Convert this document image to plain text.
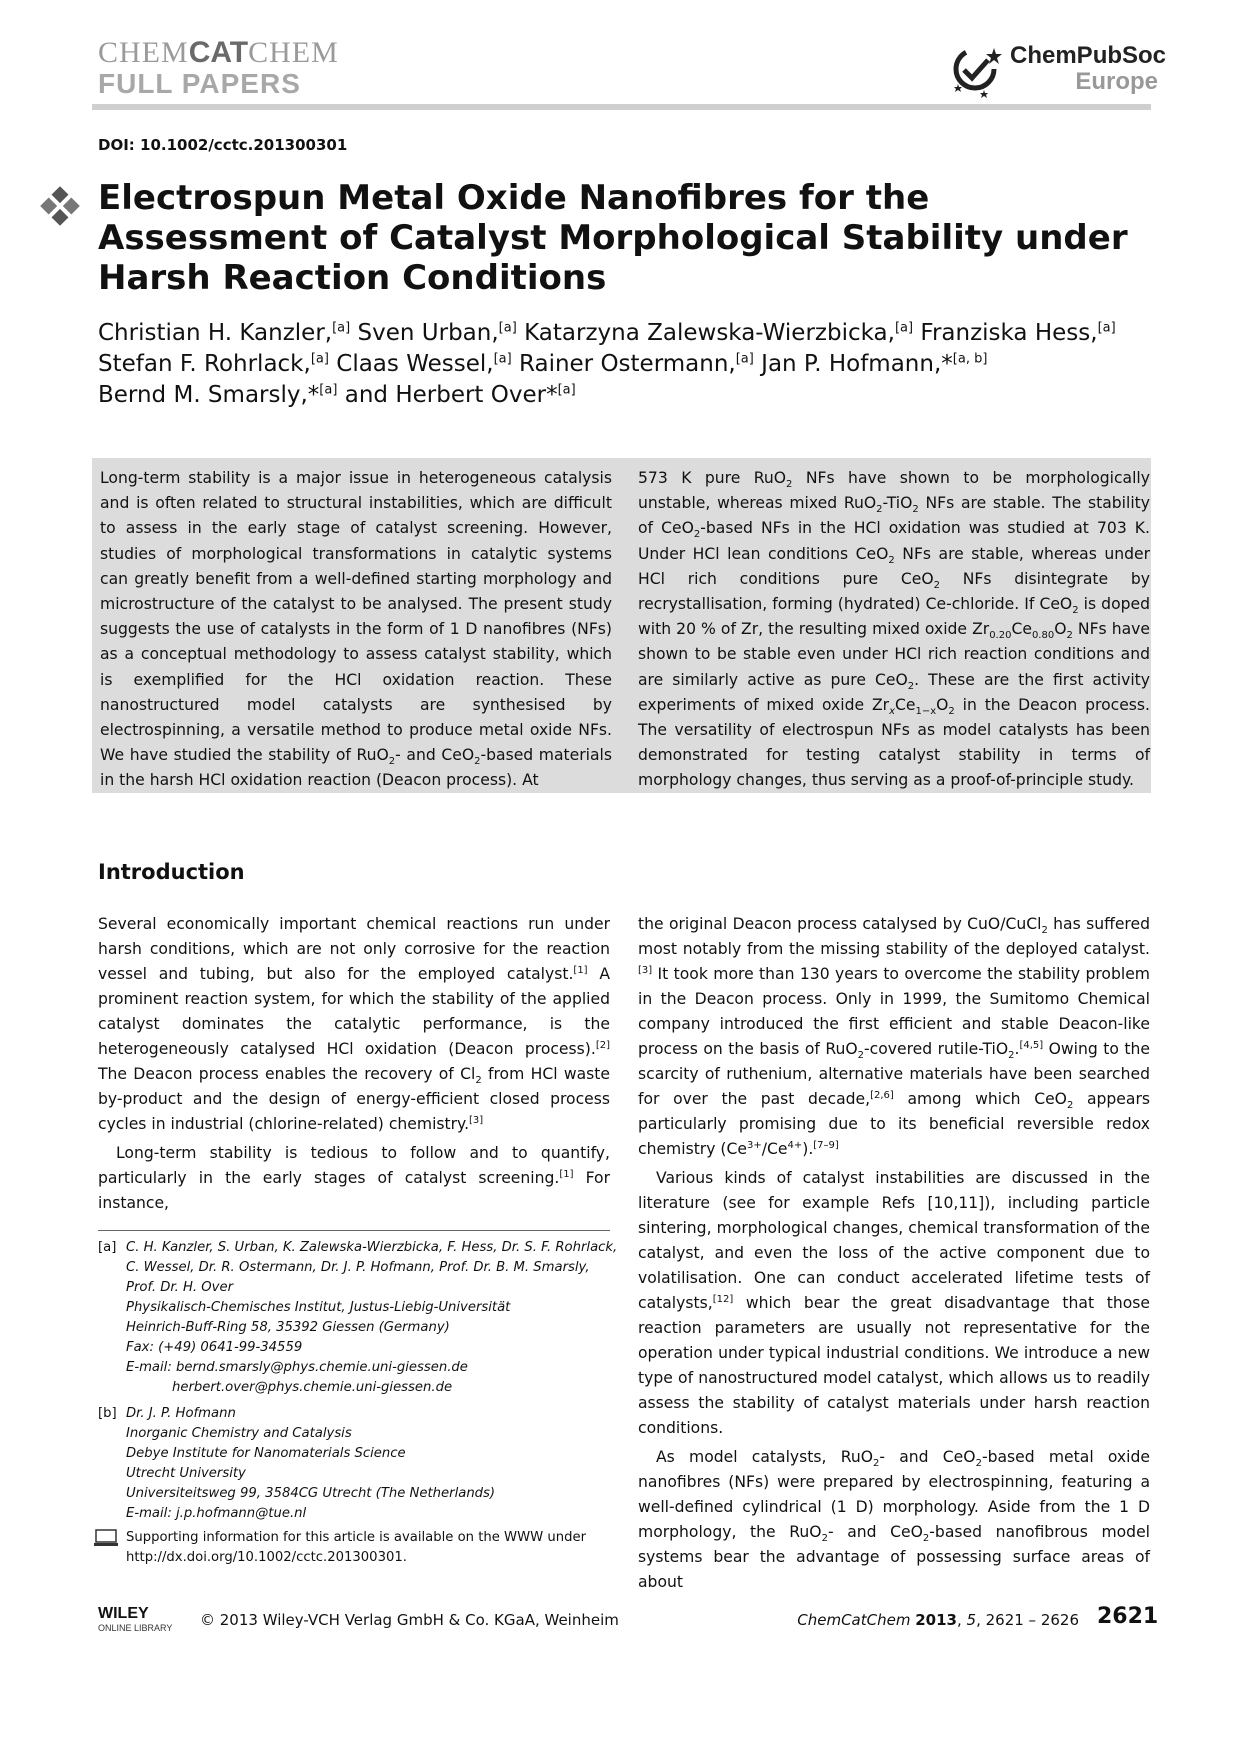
CHEMCATCHEM
FULL PAPERS
ChemPubSoc
Europe
DOI: 10.1002/cctc.201300301
Electrospun Metal Oxide Nanofibres for the Assessment of Catalyst Morphological Stability under Harsh Reaction Conditions
Christian H. Kanzler,[a] Sven Urban,[a] Katarzyna Zalewska-Wierzbicka,[a] Franziska Hess,[a]
Stefan F. Rohrlack,[a] Claas Wessel,[a] Rainer Ostermann,[a] Jan P. Hofmann,*[a, b]
Bernd M. Smarsly,*[a] and Herbert Over*[a]
Long-term stability is a major issue in heterogeneous catalysis and is often related to structural instabilities, which are difficult to assess in the early stage of catalyst screening. However, studies of morphological transformations in catalytic systems can greatly benefit from a well-defined starting morphology and microstructure of the catalyst to be analysed. The present study suggests the use of catalysts in the form of 1 D nanofibres (NFs) as a conceptual methodology to assess catalyst stability, which is exemplified for the HCl oxidation reaction. These nanostructured model catalysts are synthesised by electrospinning, a versatile method to produce metal oxide NFs. We have studied the stability of RuO$_2$- and CeO$_2$-based materials in the harsh HCl oxidation reaction (Deacon process). At
573 K pure RuO$_2$ NFs have shown to be morphologically unstable, whereas mixed RuO$_2$-TiO$_2$ NFs are stable. The stability of CeO$_2$-based NFs in the HCl oxidation was studied at 703 K. Under HCl lean conditions CeO$_2$ NFs are stable, whereas under HCl rich conditions pure CeO$_2$ NFs disintegrate by recrystallisation, forming (hydrated) Ce-chloride. If CeO$_2$ is doped with 20 % of Zr, the resulting mixed oxide $Zr_{0.20}Ce_{0.80}O_2$ NFs have shown to be stable even under HCl rich reaction conditions and are similarly active as pure CeO$_2$. These are the first activity experiments of mixed oxide $Zr_xCe_{1-x}O_2$ in the Deacon process. The versatility of electrospun NFs as model catalysts has been demonstrated for testing catalyst stability in terms of morphology changes, thus serving as a proof-of-principle study.
Introduction

Several economically important chemical reactions run under harsh conditions, which are not only corrosive for the reaction vessel and tubing, but also for the employed catalyst.[1] A prominent reaction system, for which the stability of the applied catalyst dominates the catalytic performance, is the heterogeneously catalysed HCl oxidation (Deacon process).[2] The Deacon process enables the recovery of $Cl_2$ from HCl waste by-product and the design of energy-efficient closed process cycles in industrial (chlorine-related) chemistry.[3]

Long-term stability is tedious to follow and to quantify, particularly in the early stages of catalyst screening.[1] For instance,

the original Deacon process catalysed by CuO/CuCl$_2$ has suffered most notably from the missing stability of the deployed catalyst.[3] It took more than 130 years to overcome the stability problem in the Deacon process. Only in 1999, the Sumitomo Chemical company introduced the first efficient and stable Deacon-like process on the basis of RuO$_2$-covered rutile-TiO$_2$.[4,5] Owing to the scarcity of ruthenium, alternative materials have been searched for over the past decade,[2,6] among which CeO$_2$ appears particularly promising due to its beneficial reversible redox chemistry $(Ce^{3+}/Ce^{4+}).[7-9]$

Various kinds of catalyst instabilities are discussed in the literature (see for example Refs [10,11]), including particle sintering, morphological changes, chemical transformation of the catalyst, and even the loss of the active component due to volatilisation. One can conduct accelerated lifetime tests of catalysts,[12] which bear the great disadvantage that those reaction parameters are usually not representative for the operation under typical industrial conditions. We introduce a new type of nanostructured model catalyst, which allows us to readily assess the stability of catalyst materials under harsh reaction conditions.

As model catalysts, RuO$_2$- and CeO$_2$-based metal oxide nanofibres (NFs) were prepared by electrospinning, featuring a well-defined cylindrical (1 D) morphology. Aside from the 1 D morphology, the RuO$_2$- and CeO$_2$-based nanofibrous model systems bear the advantage of possessing surface areas of about

[a] C. H. Kanzler, S. Urban, K. Zalewska-Wierzbicka, F. Hess, Dr. S. F. Rohrlack,
C. Wessel, Dr. R. Ostermann, Dr. J. P. Hofmann, Prof. Dr. B. M. Smarsly,
Prof. Dr. H. Over
Physikalisch-Chemisches Institut, Justus-Liebig-Universität
Heinrich-Buff-Ring 58, 35392 Giessen (Germany)
Fax: (+49) 0641-99-34559
E-mail: bernd.smarsly@phys.chemie.uni-giessen.de
herbert.over@phys.chemie.uni-giessen.de
[b] Dr. J. P. Hofmann
Inorganic Chemistry and Catalysis
Debye Institute for Nanomaterials Science
Utrecht University
Universiteitsweg 99, 3584CG Utrecht (The Netherlands)
E-mail: j.p.hofmann@tue.nl
Supporting information for this article is available on the WWW under
http://dx.doi.org/10.1002/cctc.201300301.
WILEY
ONLINE LIBRARY	© 2013 Wiley-VCH Verlag GmbH & Co. KGaA, Weinheim	ChemCatChem 2013, 5, 2621 – 2626 2621
